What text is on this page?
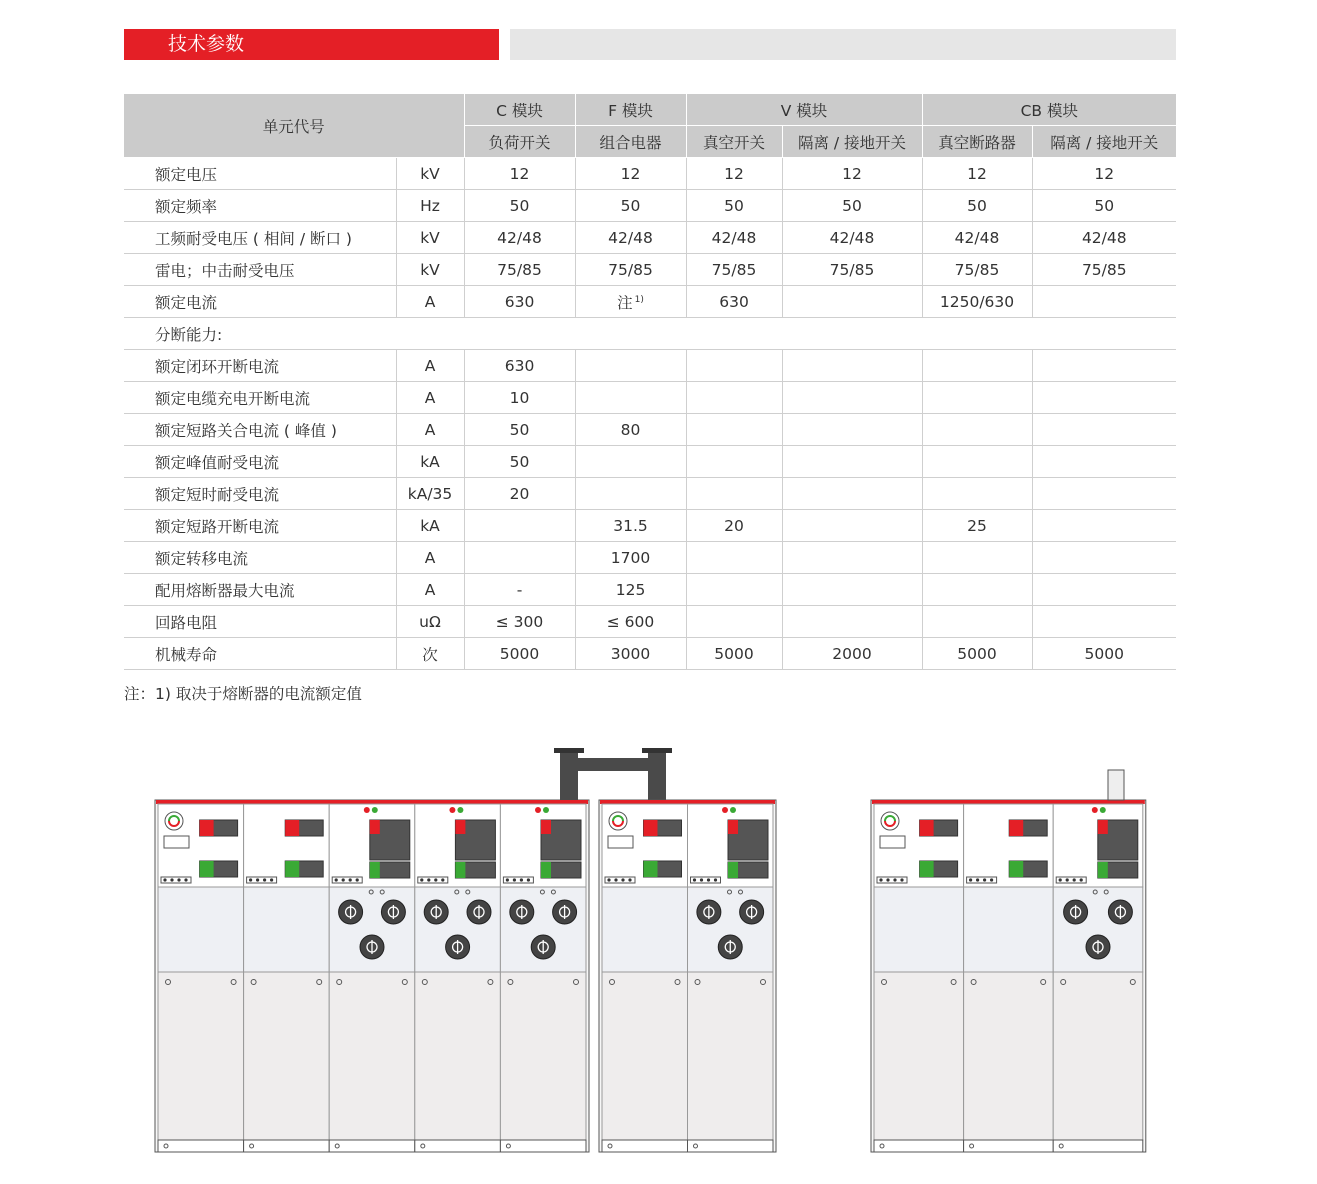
技术参数
单元代号		C 模块	F 模块	V 模块		CB 模块	
		负荷开关	组合电器	真空开关	隔离 / 接地开关	真空断路器	隔离 / 接地开关
额定电压	kV	12	12	12	12	12	12
额定频率	Hz	50	50	50	50	50	50
工频耐受电压 ( 相间 / 断口 )	kV	42/48	42/48	42/48	42/48	42/48	42/48
雷电；中击耐受电压	kV	75/85	75/85	75/85	75/85	75/85	75/85
额定电流	A	630	注 $^{1)}$	630		1250/630	
分断能力:							
额定闭环开断电流	A	630					
额定电缆充电开断电流	A	10					
额定短路关合电流 ( 峰值 )	A	50	80				
额定峰值耐受电流	kA	50					
额定短时耐受电流	kA/35	20					
额定短路开断电流	kA		31.5	20		25	
额定转移电流	A		1700				
配用熔断器最大电流	A	-	125				
回路电阻	uΩ	≤ 300	≤ 600				
机械寿命	次	5000	3000	5000	2000	5000	5000
注：1) 取决于熔断器的电流额定值
